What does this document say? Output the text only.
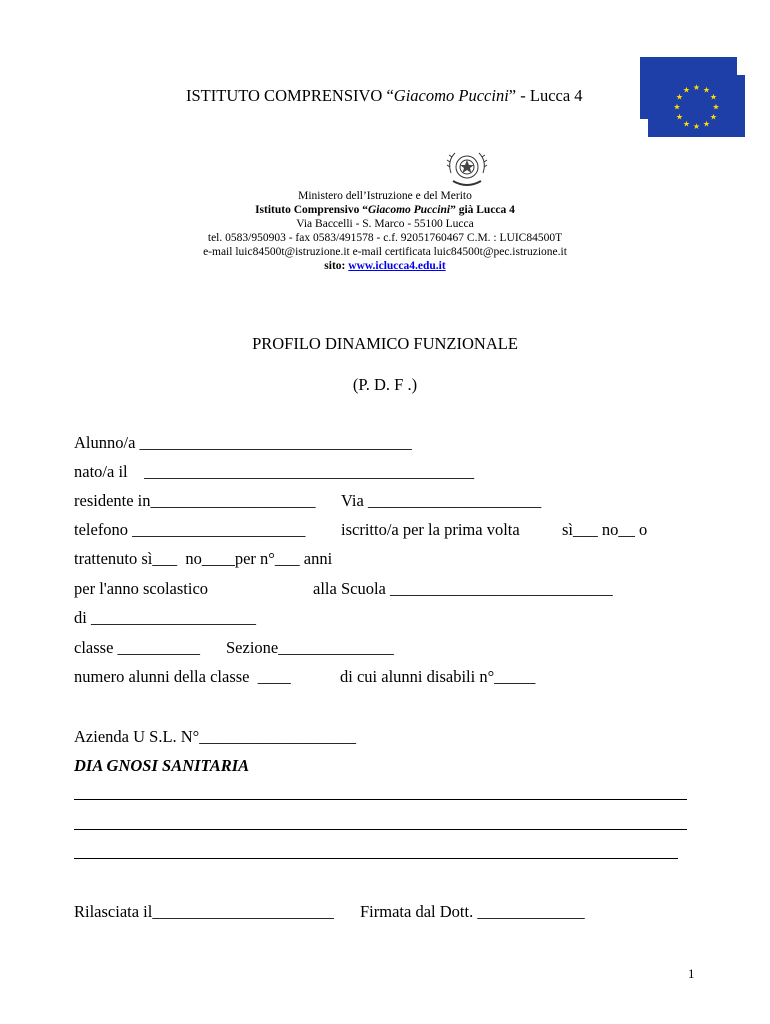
ISTITUTO COMPRENSIVO “Giacomo Puccini” - Lucca 4

	★ ★
★
★
★
★
★
★
★
★
★
★

Ministero dell’Istruzione e del Merito
Istituto Comprensivo “Giacomo Puccini” già Lucca 4
Via Baccelli - S. Marco - 55100 Lucca
tel. 0583/950903 - fax 0583/491578 - c.f. 92051760467 C.M. : LUIC84500T
e-mail luic84500t@istruzione.it e-mail certificata luic84500t@pec.istruzione.it
sito: www.iclucca4.edu.it
PROFILO DINAMICO FUNZIONALE
(P. D. F .)
Alunno/a _________________________________
nato/a il    ________________________________________
residente in____________________ Via _____________________
telefono _____________________ iscritto/a per la prima volta	sì___ no__ o
trattenuto sì___  no____per n°___ anni
per l'anno scolastico	alla Scuola ___________________________
di ____________________
classe __________ Sezione______________
numero alunni della classe  ____	di cui alunni disabili n°_____
Azienda U S.L. N°___________________
DIA GNOSI SANITARIA
Rilasciata il______________________ Firmata dal Dott. _____________
1
